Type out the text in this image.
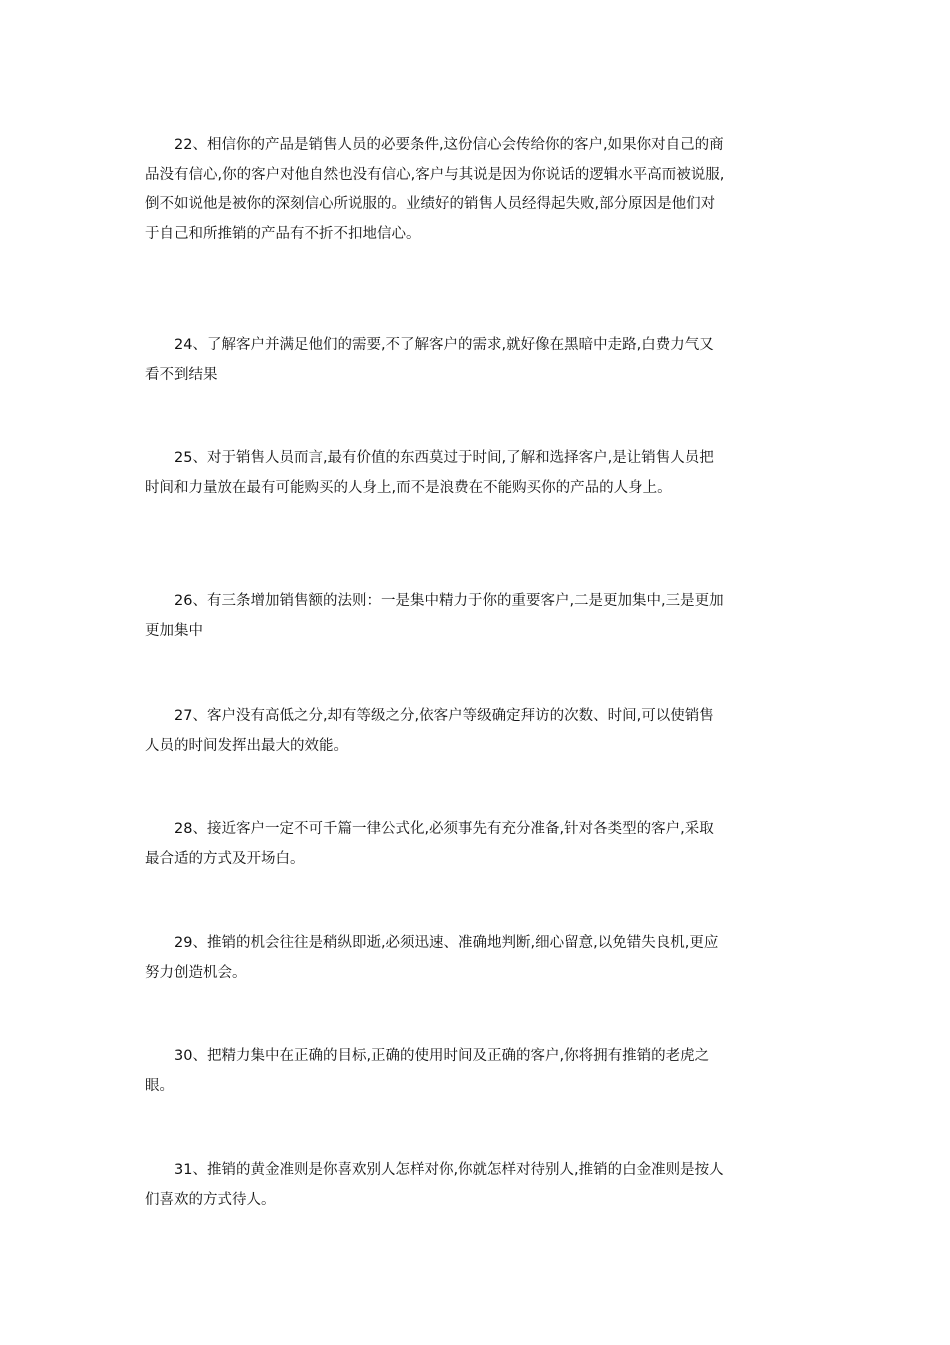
22、相信你的产品是销售人员的必要条件,这份信心会传给你的客户,如果你对自己的商品没有信心,你的客户对他自然也没有信心,客户与其说是因为你说话的逻辑水平高而被说服,倒不如说他是被你的深刻信心所说服的。业绩好的销售人员经得起失败,部分原因是他们对于自己和所推销的产品有不折不扣地信心。

24、了解客户并满足他们的需要,不了解客户的需求,就好像在黑暗中走路,白费力气又看不到结果

25、对于销售人员而言,最有价值的东西莫过于时间,了解和选择客户,是让销售人员把时间和力量放在最有可能购买的人身上,而不是浪费在不能购买你的产品的人身上。

26、有三条增加销售额的法则：一是集中精力于你的重要客户,二是更加集中,三是更加更加集中

27、客户没有高低之分,却有等级之分,依客户等级确定拜访的次数、时间,可以使销售人员的时间发挥出最大的效能。

28、接近客户一定不可千篇一律公式化,必须事先有充分准备,针对各类型的客户,采取最合适的方式及开场白。

29、推销的机会往往是稍纵即逝,必须迅速、准确地判断,细心留意,以免错失良机,更应努力创造机会。

30、把精力集中在正确的目标,正确的使用时间及正确的客户,你将拥有推销的老虎之眼。

31、推销的黄金准则是你喜欢别人怎样对你,你就怎样对待别人,推销的白金准则是按人们喜欢的方式待人。
